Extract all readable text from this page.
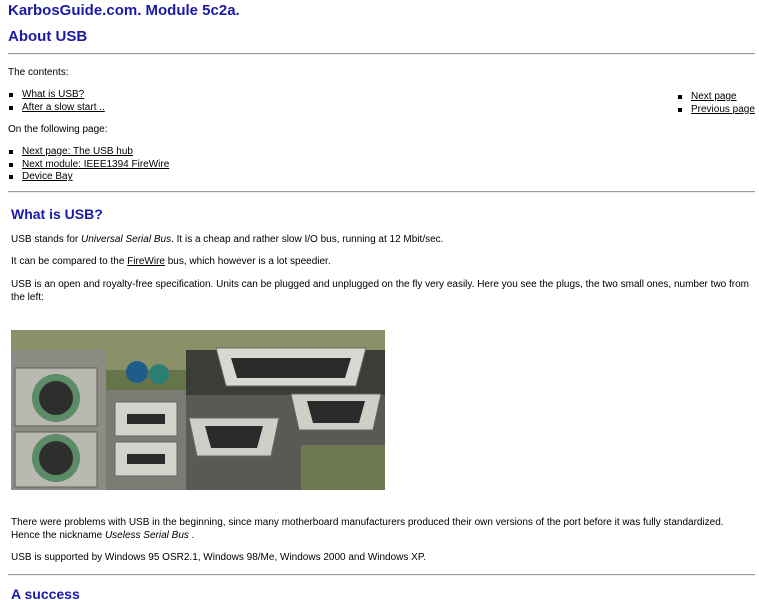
KarbosGuide.com. Module 5c2a.
About USB

The contents:

What is USB?
After a slow start ..
Next page
Previous page

On the following page:

Next page: The USB hub
Next module: IEEE1394 FireWire
Device Bay
What is USB?

USB stands for Universal Serial Bus. It is a cheap and rather slow I/O bus, running at 12 Mbit/sec.

It can be compared to the FireWire bus, which however is a lot speedier.

USB is an open and royalty-free specification. Units can be plugged and unplugged on the fly very easily. Here you see the plugs, the two small ones, number two from the left:

There were problems with USB in the beginning, since many motherboard manufacturers produced their own versions of the port before it was fully standardized. Hence the nickname Useless Serial Bus .

USB is supported by Windows 95 OSR2.1, Windows 98/Me, Windows 2000 and Windows XP.

A success
